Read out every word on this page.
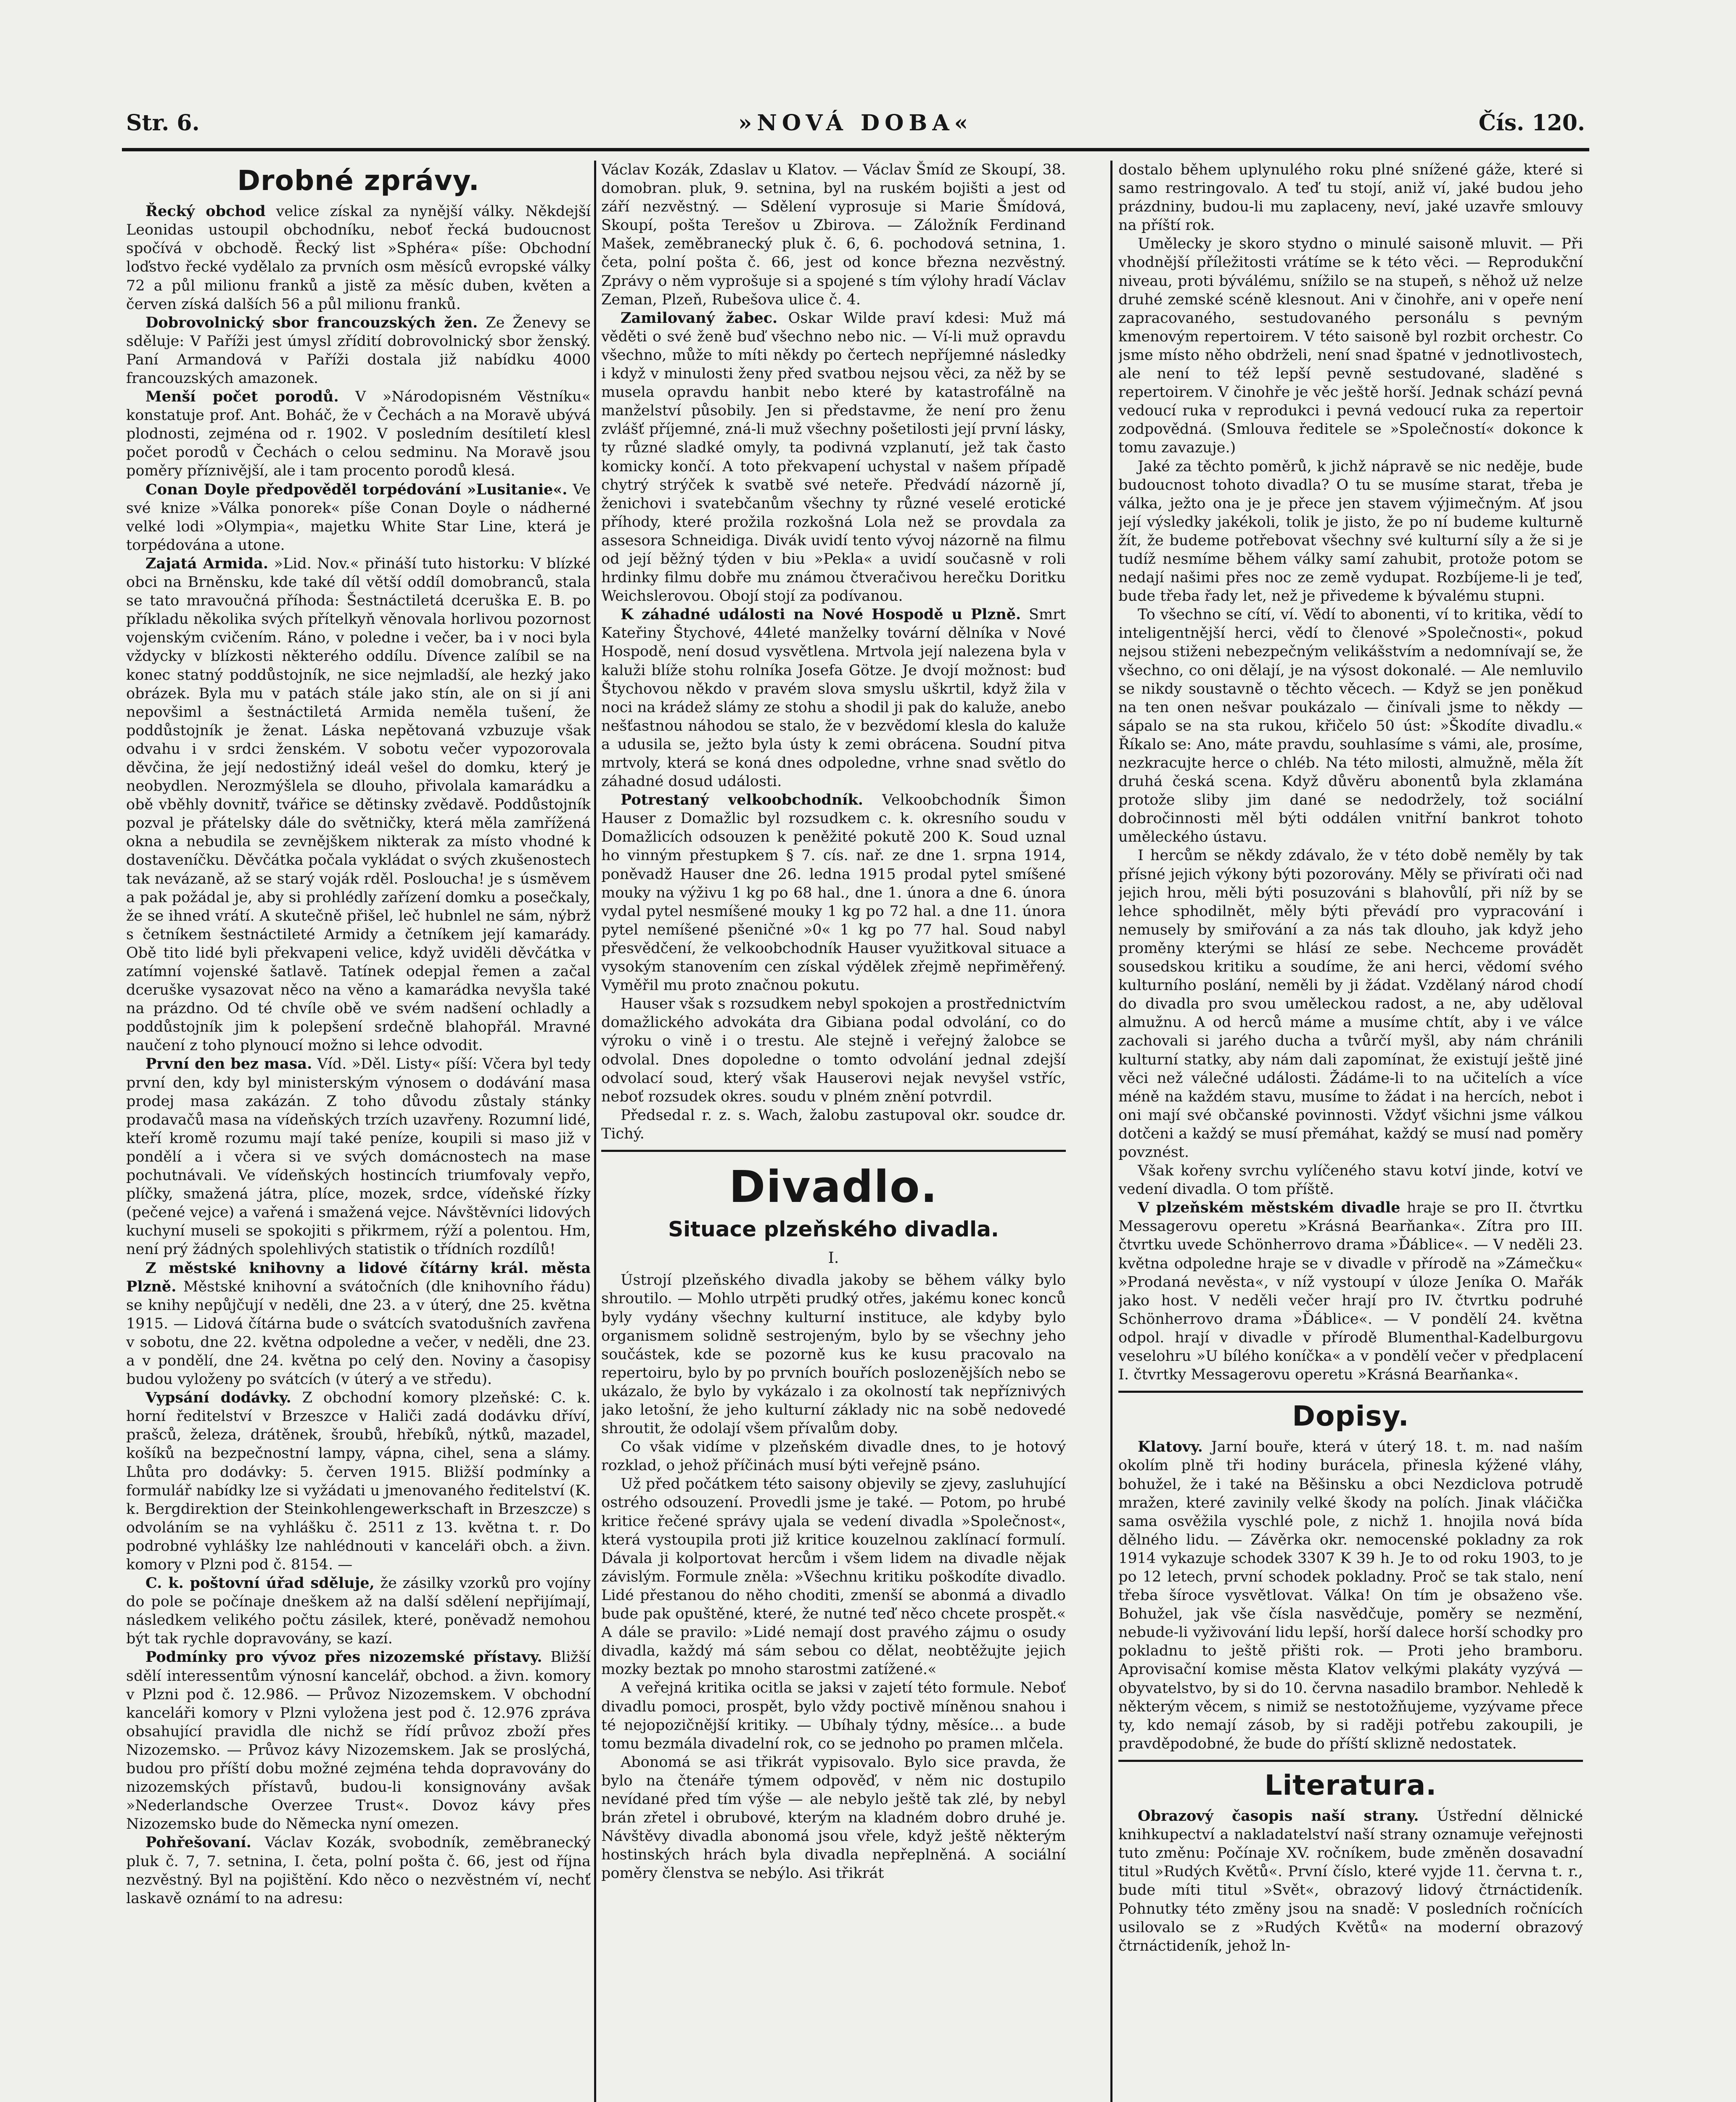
Str. 6.	»NOVÁ DOBA«	Čís. 120.
Drobné zprávy.

Řecký obchod velice získal za nynější války. Někdejší Leonidas ustoupil obchodníku, neboť řecká budoucnost spočívá v obchodě. Řecký list »Sphéra« píše: Obchodní loďstvo řecké vydělalo za prvních osm měsíců evropské války 72 a půl milionu franků a jistě za měsíc duben, květen a červen získá dalších 56 a půl milionu franků.

Dobrovolnický sbor francouzských žen. Ze Ženevy se sděluje: V Paříži jest úmysl zřídití dobrovolnický sbor ženský. Paní Armandová v Paříži dostala již nabídku 4000 francouzských amazonek.

Menší počet porodů. V »Národopisném Věstníku« konstatuje prof. Ant. Boháč, že v Čechách a na Moravě ubývá plodnosti, zejména od r. 1902. V posledním desítiletí klesl počet porodů v Čechách o celou sedminu. Na Moravě jsou poměry příznivější, ale i tam procento porodů klesá.

Conan Doyle předpověděl torpédování »Lusitanie«. Ve své knize »Válka ponorek« píše Conan Doyle o nádherné velké lodi »Olympia«, majetku White Star Line, která je torpédována a utone.

Zajatá Armida. »Lid. Nov.« přináší tuto historku: V blízké obci na Brněnsku, kde také díl větší oddíl domobranců, stala se tato mravoučná příhoda: Šestnáctiletá dceruška E. B. po příkladu několika svých přítelkyň věnovala horlivou pozornost vojenským cvičením. Ráno, v poledne i večer, ba i v noci byla vždycky v blízkosti některého oddílu. Dívence zalíbil se na konec statný poddůstojník, ne sice nejmladší, ale hezký jako obrázek. Byla mu v patách stále jako stín, ale on si jí ani nepovšiml a šestnáctiletá Armida neměla tušení, že poddůstojník je ženat. Láska nepětovaná vzbuzuje však odvahu i v srdci ženském. V sobotu večer vypozorovala děvčina, že její nedostižný ideál vešel do domku, který je neobydlen. Nerozmýšlela se dlouho, přivolala kamarádku a obě vběhly dovnitř, tvářice se dětinsky zvědavě. Poddůstojník pozval je přátelsky dále do světničky, která měla zamřížená okna a nebudila se zevnějškem nikterak za místo vhodné k dostaveníčku. Děvčátka počala vykládat o svých zkušenostech tak nevázaně, až se starý voják rděl. Posloucha! je s úsměvem a pak požádal je, aby si prohlédly zařízení domku a posečkaly, že se ihned vrátí. A skutečně přišel, leč hubnlel ne sám, nýbrž s četníkem šestnáctileté Armidy a četníkem její kamarády. Obě tito lidé byli překvapeni velice, když uviděli děvčátka v zatímní vojenské šatlavě. Tatínek odepjal řemen a začal dceruške vysazovat něco na věno a kamarádka nevyšla také na prázdno. Od té chvíle obě ve svém nadšení ochladly a poddůstojník jim k polepšení srdečně blahopřál. Mravné naučení z toho plynoucí možno si lehce odvodit.

První den bez masa. Víd. »Děl. Listy« píší: Včera byl tedy první den, kdy byl ministerským výnosem o dodávání masa prodej masa zakázán. Z toho důvodu zůstaly stánky prodavačů masa na vídeňských trzích uzavřeny. Rozumní lidé, kteří kromě rozumu mají také peníze, koupili si maso již v pondělí a i včera si ve svých domácnostech na mase pochutnávali. Ve vídeňských hostincích triumfovaly vepřo, plíčky, smažená játra, plíce, mozek, srdce, vídeňské řízky (pečené vejce) a vařená i smažená vejce. Návštěvníci lidových kuchyní museli se spokojiti s přikrmem, rýží a polentou. Hm, není prý žádných spolehlivých statistik o třídních rozdílů!

Z městské knihovny a lidové čítárny král. města Plzně. Městské knihovní a svátočních (dle knihovního řádu) se knihy nepůjčují v neděli, dne 23. a v úterý, dne 25. května 1915. — Lidová čítárna bude o svátcích svatodušních zavřena v sobotu, dne 22. května odpoledne a večer, v neděli, dne 23. a v pondělí, dne 24. května po celý den. Noviny a časopisy budou vyloženy po svátcích (v úterý a ve středu).

Vypsání dodávky. Z obchodní komory plzeňské: C. k. horní ředitelství v Brzeszce v Haliči zadá dodávku dříví, prašců, železa, drátěnek, šroubů, hřebíků, nýtků, mazadel, košíků na bezpečnostní lampy, vápna, cihel, sena a slámy. Lhůta pro dodávky: 5. červen 1915. Bližší podmínky a formulář nabídky lze si vyžádati u jmenovaného ředitelství (K. k. Bergdirektion der Steinkohlengewerkschaft in Brzeszcze) s odvoláním se na vyhlášku č. 2511 z 13. května t. r. Do podrobné vyhlášky lze nahlédnouti v kanceláři obch. a živn. komory v Plzni pod č. 8154. —

C. k. poštovní úřad sděluje, že zásilky vzorků pro vojíny do pole se počínaje dneškem až na další sdělení nepřijímají, následkem velikého počtu zásilek, které, poněvadž nemohou být tak rychle dopravovány, se kazí.

Podmínky pro vývoz přes nizozemské přístavy. Bližší sdělí interessentům výnosní kancelář, obchod. a živn. komory v Plzni pod č. 12.986. — Průvoz Nizozemskem. V obchodní kanceláři komory v Plzni vyložena jest pod č. 12.976 zpráva obsahující pravidla dle nichž se řídí průvoz zboží přes Nizozemsko. — Průvoz kávy Nizozemskem. Jak se proslýchá, budou pro příští dobu možné zejména tehda dopravovány do nizozemských přístavů, budou-li konsignovány avšak »Nederlandsche Overzee Trust«. Dovoz kávy přes Nizozemsko bude do Německa nyní omezen.

Pohřešovaní. Václav Kozák, svobodník, zeměbranecký pluk č. 7, 7. setnina, I. četa, polní pošta č. 66, jest od října nezvěstný. Byl na pojištění. Kdo něco o nezvěstném ví, nechť laskavě oznámí to na adresu:

Václav Kozák, Zdaslav u Klatov. — Václav Šmíd ze Skoupí, 38. domobran. pluk, 9. setnina, byl na ruském bojišti a jest od září nezvěstný. — Sdělení vyprosuje si Marie Šmídová, Skoupí, pošta Terešov u Zbirova. — Záložník Ferdinand Mašek, zeměbranecký pluk č. 6, 6. pochodová setnina, 1. četa, polní pošta č. 66, jest od konce března nezvěstný. Zprávy o něm vyprošuje si a spojené s tím výlohy hradí Václav Zeman, Plzeň, Rubešova ulice č. 4.

Zamilovaný žabec. Oskar Wilde praví kdesi: Muž má věděti o své ženě buď všechno nebo nic. — Ví-li muž opravdu všechno, může to míti někdy po čertech nepříjemné následky i když v minulosti ženy před svatbou nejsou věci, za něž by se musela opravdu hanbit nebo které by katastrofálně na manželství působily. Jen si představme, že není pro ženu zvlášť příjemné, zná-li muž všechny pošetilosti její první lásky, ty různé sladké omyly, ta podivná vzplanutí, jež tak často komicky končí. A toto překvapení uchystal v našem případě chytrý strýček k svatbě své neteře. Předvádí názorně jí, ženichovi i svatebčanům všechny ty různé veselé erotické příhody, které prožila rozkošná Lola než se provdala za assesora Schneidiga. Divák uvidí tento vývoj názorně na filmu od její běžný týden v biu »Pekla« a uvidí současně v roli hrdinky filmu dobře mu známou čtveračivou herečku Doritku Weichslerovou. Obojí stojí za podívanou.

K záhadné události na Nové Hospodě u Plzně. Smrt Kateřiny Štychové, 44leté manželky tovární dělníka v Nové Hospodě, není dosud vysvětlena. Mrtvola její nalezena byla v kaluži blíže stohu rolníka Josefa Götze. Je dvojí možnost: buď Štychovou někdo v pravém slova smyslu uškrtil, když žila v noci na krádež slámy ze stohu a shodil ji pak do kaluže, anebo nešťastnou náhodou se stalo, že v bezvědomí klesla do kaluže a udusila se, ježto byla ústy k zemi obrácena. Soudní pitva mrtvoly, která se koná dnes odpoledne, vrhne snad světlo do záhadné dosud události.

Potrestaný velkoobchodník. Velkoobchodník Šimon Hauser z Domažlic byl rozsudkem c. k. okresního soudu v Domažlicích odsouzen k peněžité pokutě 200 K. Soud uznal ho vinným přestupkem § 7. cís. nař. ze dne 1. srpna 1914, poněvadž Hauser dne 26. ledna 1915 prodal pytel smíšené mouky na výživu 1 kg po 68 hal., dne 1. února a dne 6. února vydal pytel nesmíšené mouky 1 kg po 72 hal. a dne 11. února pytel nemíšené pšeničné »0« 1 kg po 77 hal. Soud nabyl přesvědčení, že velkoobchodník Hauser využitkoval situace a vysokým stanovením cen získal výdělek zřejmě nepřiměřený. Vyměřil mu proto značnou pokutu.

Hauser však s rozsudkem nebyl spokojen a prostřednictvím domažlického advokáta dra Gibiana podal odvolání, co do výroku o vině i o trestu. Ale stejně i veřejný žalobce se odvolal. Dnes dopoledne o tomto odvolání jednal zdejší odvolací soud, který však Hauserovi nejak nevyšel vstříc, neboť rozsudek okres. soudu v plném znění potvrdil.

Předsedal r. z. s. Wach, žalobu zastupoval okr. soudce dr. Tichý.

Divadlo.
Situace plzeňského divadla.
I.

Ústrojí plzeňského divadla jakoby se během války bylo shroutilo. — Mohlo utrpěti prudký otřes, jakému konec konců byly vydány všechny kulturní instituce, ale kdyby bylo organismem solidně sestrojeným, bylo by se všechny jeho součástek, kde se pozorně kus ke kusu pracovalo na repertoiru, bylo by po prvních bouřích poslozenějších nebo se ukázalo, že bylo by vykázalo i za okolností tak nepříznivých jako letošní, že jeho kulturní základy nic na sobě nedovedé shroutit, že odolají všem přívalům doby.

Co však vidíme v plzeňském divadle dnes, to je hotový rozklad, o jehož příčinách musí býti veřejně psáno.

Už před počátkem této saisony objevily se zjevy, zasluhující ostrého odsouzení. Provedli jsme je také. — Potom, po hrubé kritice řečené správy ujala se vedení divadla »Společnost«, která vystoupila proti již kritice kouzelnou zaklínací formulí. Dávala ji kolportovat hercům i všem lidem na divadle nějak závislým. Formule zněla: »Všechnu kritiku poškodíte divadlo. Lidé přestanou do něho choditi, zmenší se abonmá a divadlo bude pak opuštěné, které, že nutné teď něco chcete prospět.« A dále se pravilo: »Lidé nemají dost pravého zájmu o osudy divadla, každý má sám sebou co dělat, neobtěžujte jejich mozky beztak po mnoho starostmi zatížené.«

A veřejná kritika ocitla se jaksi v zajetí této formule. Neboť divadlu pomoci, prospět, bylo vždy poctivě míněnou snahou i té nejopozičnější kritiky. — Ubíhaly týdny, měsíce… a bude tomu bezmála divadelní rok, co se jednoho po pramen mlčela.

Abonomá se asi třikrát vypisovalo. Bylo sice pravda, že bylo na čtenáře týmem odpověď, v něm nic dostupilo nevídané před tím výše — ale nebylo ještě tak zlé, by nebyl brán zřetel i obrubové, kterým na kladném dobro druhé je. Návštěvy divadla abonomá jsou vřele, když ještě některým hostinských hrách byla divadla nepřeplněná. A sociální poměry členstva se nebýlo. Asi třikrát

dostalo během uplynulého roku plné snížené gáže, které si samo restringovalo. A teď tu stojí, aniž ví, jaké budou jeho prázdniny, budou-li mu zaplaceny, neví, jaké uzavře smlouvy na příští rok.

Umělecky je skoro stydno o minulé saisoně mluvit. — Při vhodnější příležitosti vrátíme se k této věci. — Reprodukční niveau, proti býválému, snížilo se na stupeň, s něhož už nelze druhé zemské scéně klesnout. Ani v činohře, ani v opeře není zapracovaného, sestudovaného personálu s pevným kmenovým repertoirem. V této saisoně byl rozbit orchestr. Co jsme místo něho obdrželi, není snad špatné v jednotlivostech, ale není to též lepší pevně sestudované, sladěné s repertoirem. V činohře je věc ještě horší. Jednak schází pevná vedoucí ruka v reprodukci i pevná vedoucí ruka za repertoir zodpovědná. (Smlouva ředitele se »Společností« dokonce k tomu zavazuje.)

Jaké za těchto poměrů, k jichž nápravě se nic neděje, bude budoucnost tohoto divadla? O tu se musíme starat, třeba je válka, ježto ona je je přece jen stavem výjimečným. Ať jsou její výsledky jakékoli, tolik je jisto, že po ní budeme kulturně žít, že budeme potřebovat všechny své kulturní síly a že si je tudíž nesmíme během války samí zahubit, protože potom se nedají našimi přes noc ze země vydupat. Rozbíjeme-li je teď, bude třeba řady let, než je přivedeme k bývalému stupni.

To všechno se cítí, ví. Vědí to abonenti, ví to kritika, vědí to inteligentnější herci, vědí to členové »Společnosti«, pokud nejsou stiženi nebezpečným velikášstvím a nedomnívají se, že všechno, co oni dělají, je na výsost dokonalé. — Ale nemluvilo se nikdy soustavně o těchto věcech. — Když se jen poněkud na ten onen nešvar poukázalo — činívali jsme to někdy — sápalo se na sta rukou, křičelo 50 úst: »Škodíte divadlu.« Říkalo se: Ano, máte pravdu, souhlasíme s vámi, ale, prosíme, nezkracujte herce o chléb. Na této milosti, almužně, měla žít druhá česká scena. Když důvěru abonentů byla zklamána protože sliby jim dané se nedodržely, tož sociální dobročinnosti měl býti oddálen vnitřní bankrot tohoto uměleckého ústavu.

I hercům se někdy zdávalo, že v této době neměly by tak přísné jejich výkony býti pozorovány. Měly se přivírati oči nad jejich hrou, měli býti posuzováni s blahovůlí, při níž by se lehce sphodilnět, měly býti převádí pro vypracování i nemusely by smiřování a za nás tak dlouho, jak když jeho proměny kterými se hlásí ze sebe. Nechceme provádět sousedskou kritiku a soudíme, že ani herci, vědomí svého kulturního poslání, neměli by ji žádat. Vzdělaný národ chodí do divadla pro svou uměleckou radost, a ne, aby uděloval almužnu. A od herců máme a musíme chtít, aby i ve válce zachovali si jarého ducha a tvůrčí myšl, aby nám chránili kulturní statky, aby nám dali zapomínat, že existují ještě jiné věci než válečné události. Žádáme-li to na učitelích a více méně na každém stavu, musíme to žádat i na hercích, nebot i oni mají své občanské povinnosti. Vždyť všichni jsme válkou dotčeni a každý se musí přemáhat, každý se musí nad poměry povznést.

Však kořeny svrchu vylíčeného stavu kotví jinde, kotví ve vedení divadla. O tom příště.

V plzeňském městském divadle hraje se pro II. čtvrtku Messagerovu operetu »Krásná Bearňanka«. Zítra pro III. čtvrtku uvede Schönherrovo drama »Ďáblice«. — V neděli 23. května odpoledne hraje se v divadle v přírodě na »Zámečku« »Prodaná nevěsta«, v níž vystoupí v úloze Jeníka O. Mařák jako host. V neděli večer hrají pro IV. čtvrtku podruhé Schönherrovo drama »Ďáblice«. — V pondělí 24. května odpol. hrají v divadle v přírodě Blumenthal-Kadelburgovu veselohru »U bílého koníčka« a v pondělí večer v předplacení I. čtvrtky Messagerovu operetu »Krásná Bearňanka«.

Dopisy.

Klatovy. Jarní bouře, která v úterý 18. t. m. nad naším okolím plně tři hodiny burácela, přinesla kýžené vláhy, bohužel, že i také na Běšinsku a obci Nezdiclova potrudě mražen, které zavinily velké škody na polích. Jinak vláčička sama osvěžila vyschlé pole, z nichž 1. hnojila nová bída dělného lidu. — Závěrka okr. nemocenské pokladny za rok 1914 vykazuje schodek 3307 K 39 h. Je to od roku 1903, to je po 12 letech, první schodek pokladny. Proč se tak stalo, není třeba šíroce vysvětlovat. Válka! On tím je obsaženo vše. Bohužel, jak vše čísla nasvědčuje, poměry se nezmění, nebude-li vyživování lidu lepší, horší dalece horší schodky pro pokladnu to ještě přišti rok. — Proti jeho bramboru. Aprovisační komise města Klatov velkými plakáty vyzývá — obyvatelstvo, by si do 10. června nasadilo brambor. Nehledě k některým věcem, s nimiž se nestotožňujeme, vyzývame přece ty, kdo nemají zásob, by si raději potřebu zakoupili, je pravděpodobné, že bude do příští sklizně nedostatek.

Literatura.

Obrazový časopis naší strany. Ústřední dělnické knihkupectví a nakladatelství naší strany oznamuje veřejnosti tuto změnu: Počínaje XV. ročníkem, bude změněn dosavadní titul »Rudých Květů«. První číslo, které vyjde 11. června t. r., bude míti titul »Svět«, obrazový lidový čtrnáctideník. Pohnutky této změny jsou na snadě: V posledních ročnících usilovalo se z »Rudých Květů« na moderní obrazový čtrnáctideník, jehož ln-
